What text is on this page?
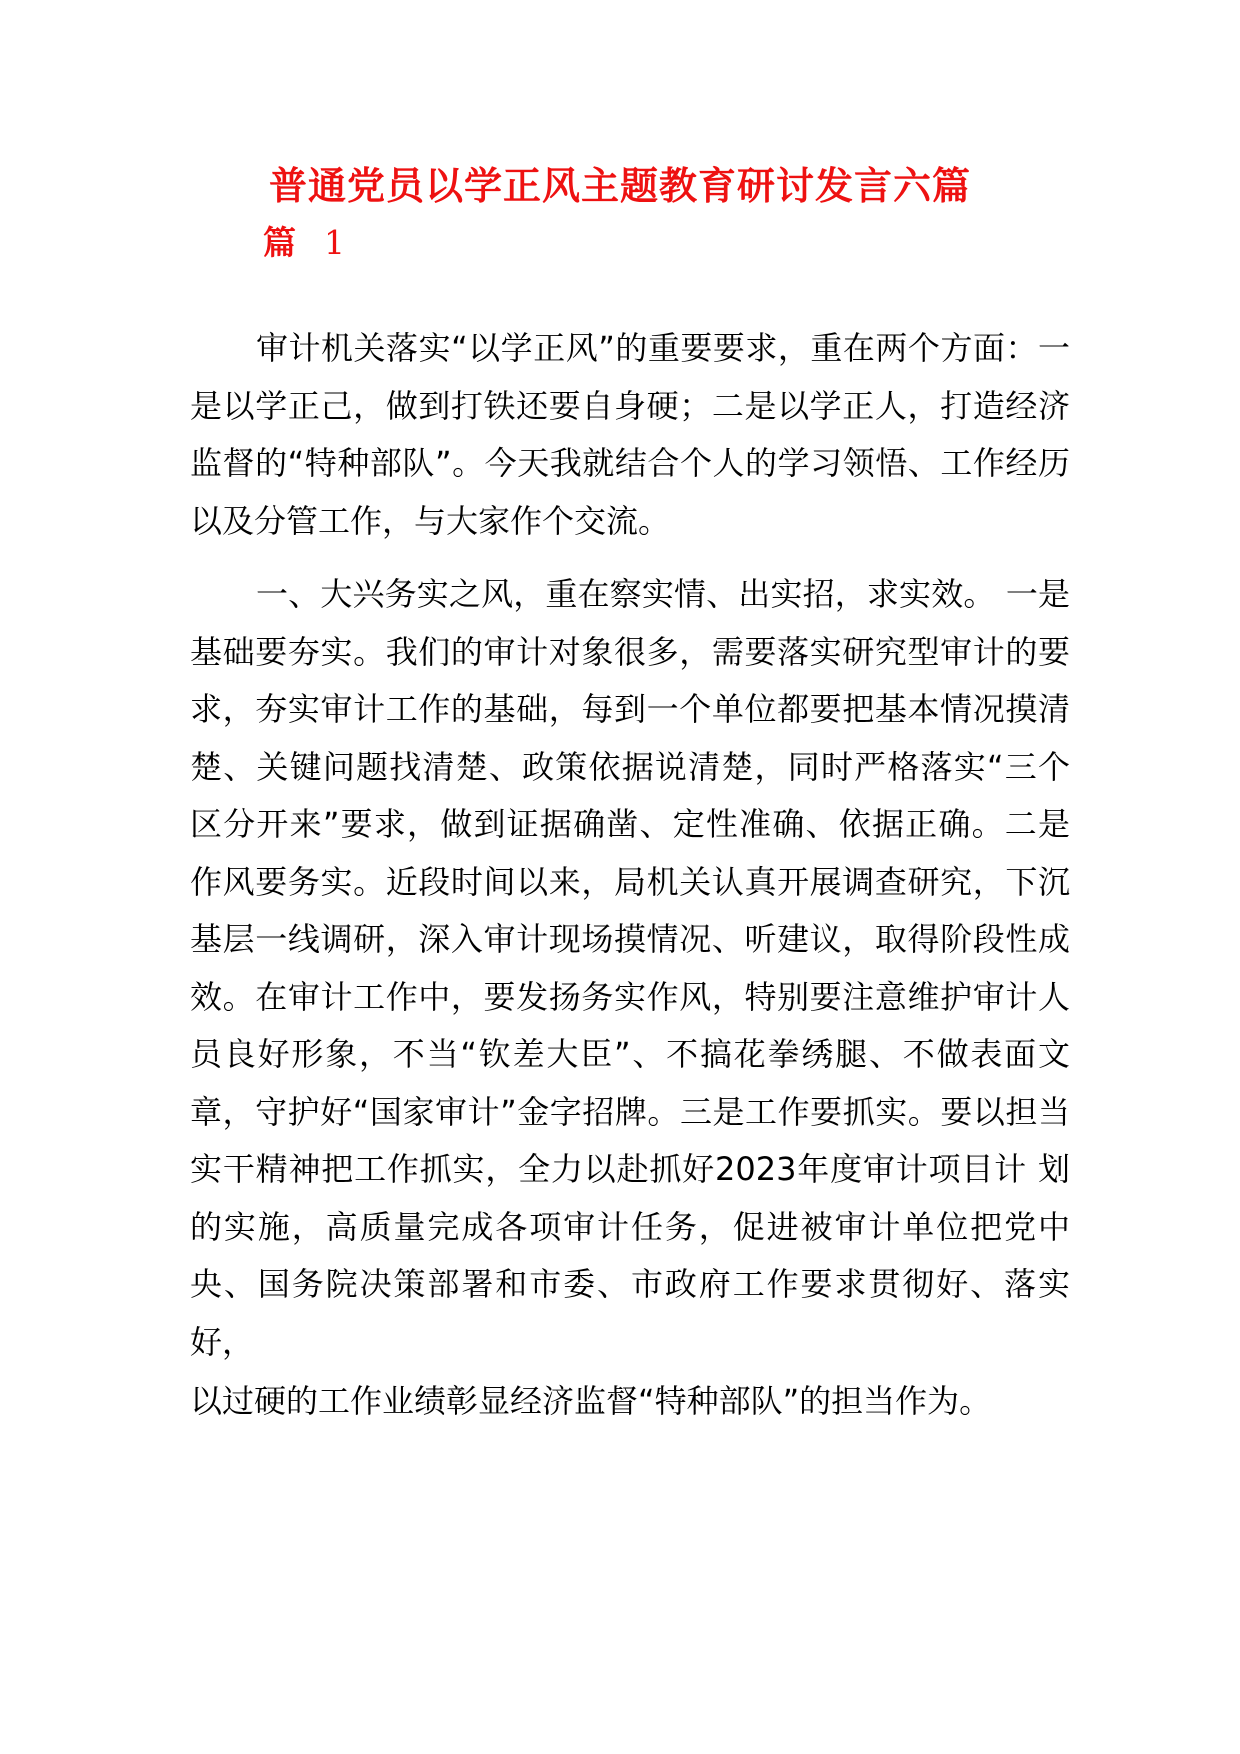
普通党员以学正风主题教育研讨发言六篇
篇 1

审计机关落实“以学正风”的重要要求，重在两个方面：一是以学正己，做到打铁还要自身硬；二是以学正人，打造经济监督的“特种部队”。今天我就结合个人的学习领悟、工作经历以及分管工作，与大家作个交流。

一、大兴务实之风，重在察实情、出实招，求实效。 一是基础要夯实。我们的审计对象很多，需要落实研究型审计的要求，夯实审计工作的基础，每到一个单位都要把基本情况摸清楚、关键问题找清楚、政策依据说清楚，同时严格落实“三个区分开来”要求，做到证据确凿、定性准确、依据正确。二是作风要务实。近段时间以来，局机关认真开展调查研究，下沉基层一线调研，深入审计现场摸情况、听建议，取得阶段性成效。在审计工作中，要发扬务实作风，特别要注意维护审计人员良好形象，不当“钦差大臣”、不搞花拳绣腿、不做表面文章，守护好“国家审计”金字招牌。三是工作要抓实。要以担当实干精神把工作抓实，全力以赴抓好2023年度审计项目计 划的实施，高质量完成各项审计任务，促进被审计单位把党中 央、国务院决策部署和市委、市政府工作要求贯彻好、落实好，

以过硬的工作业绩彰显经济监督“特种部队”的担当作为。
